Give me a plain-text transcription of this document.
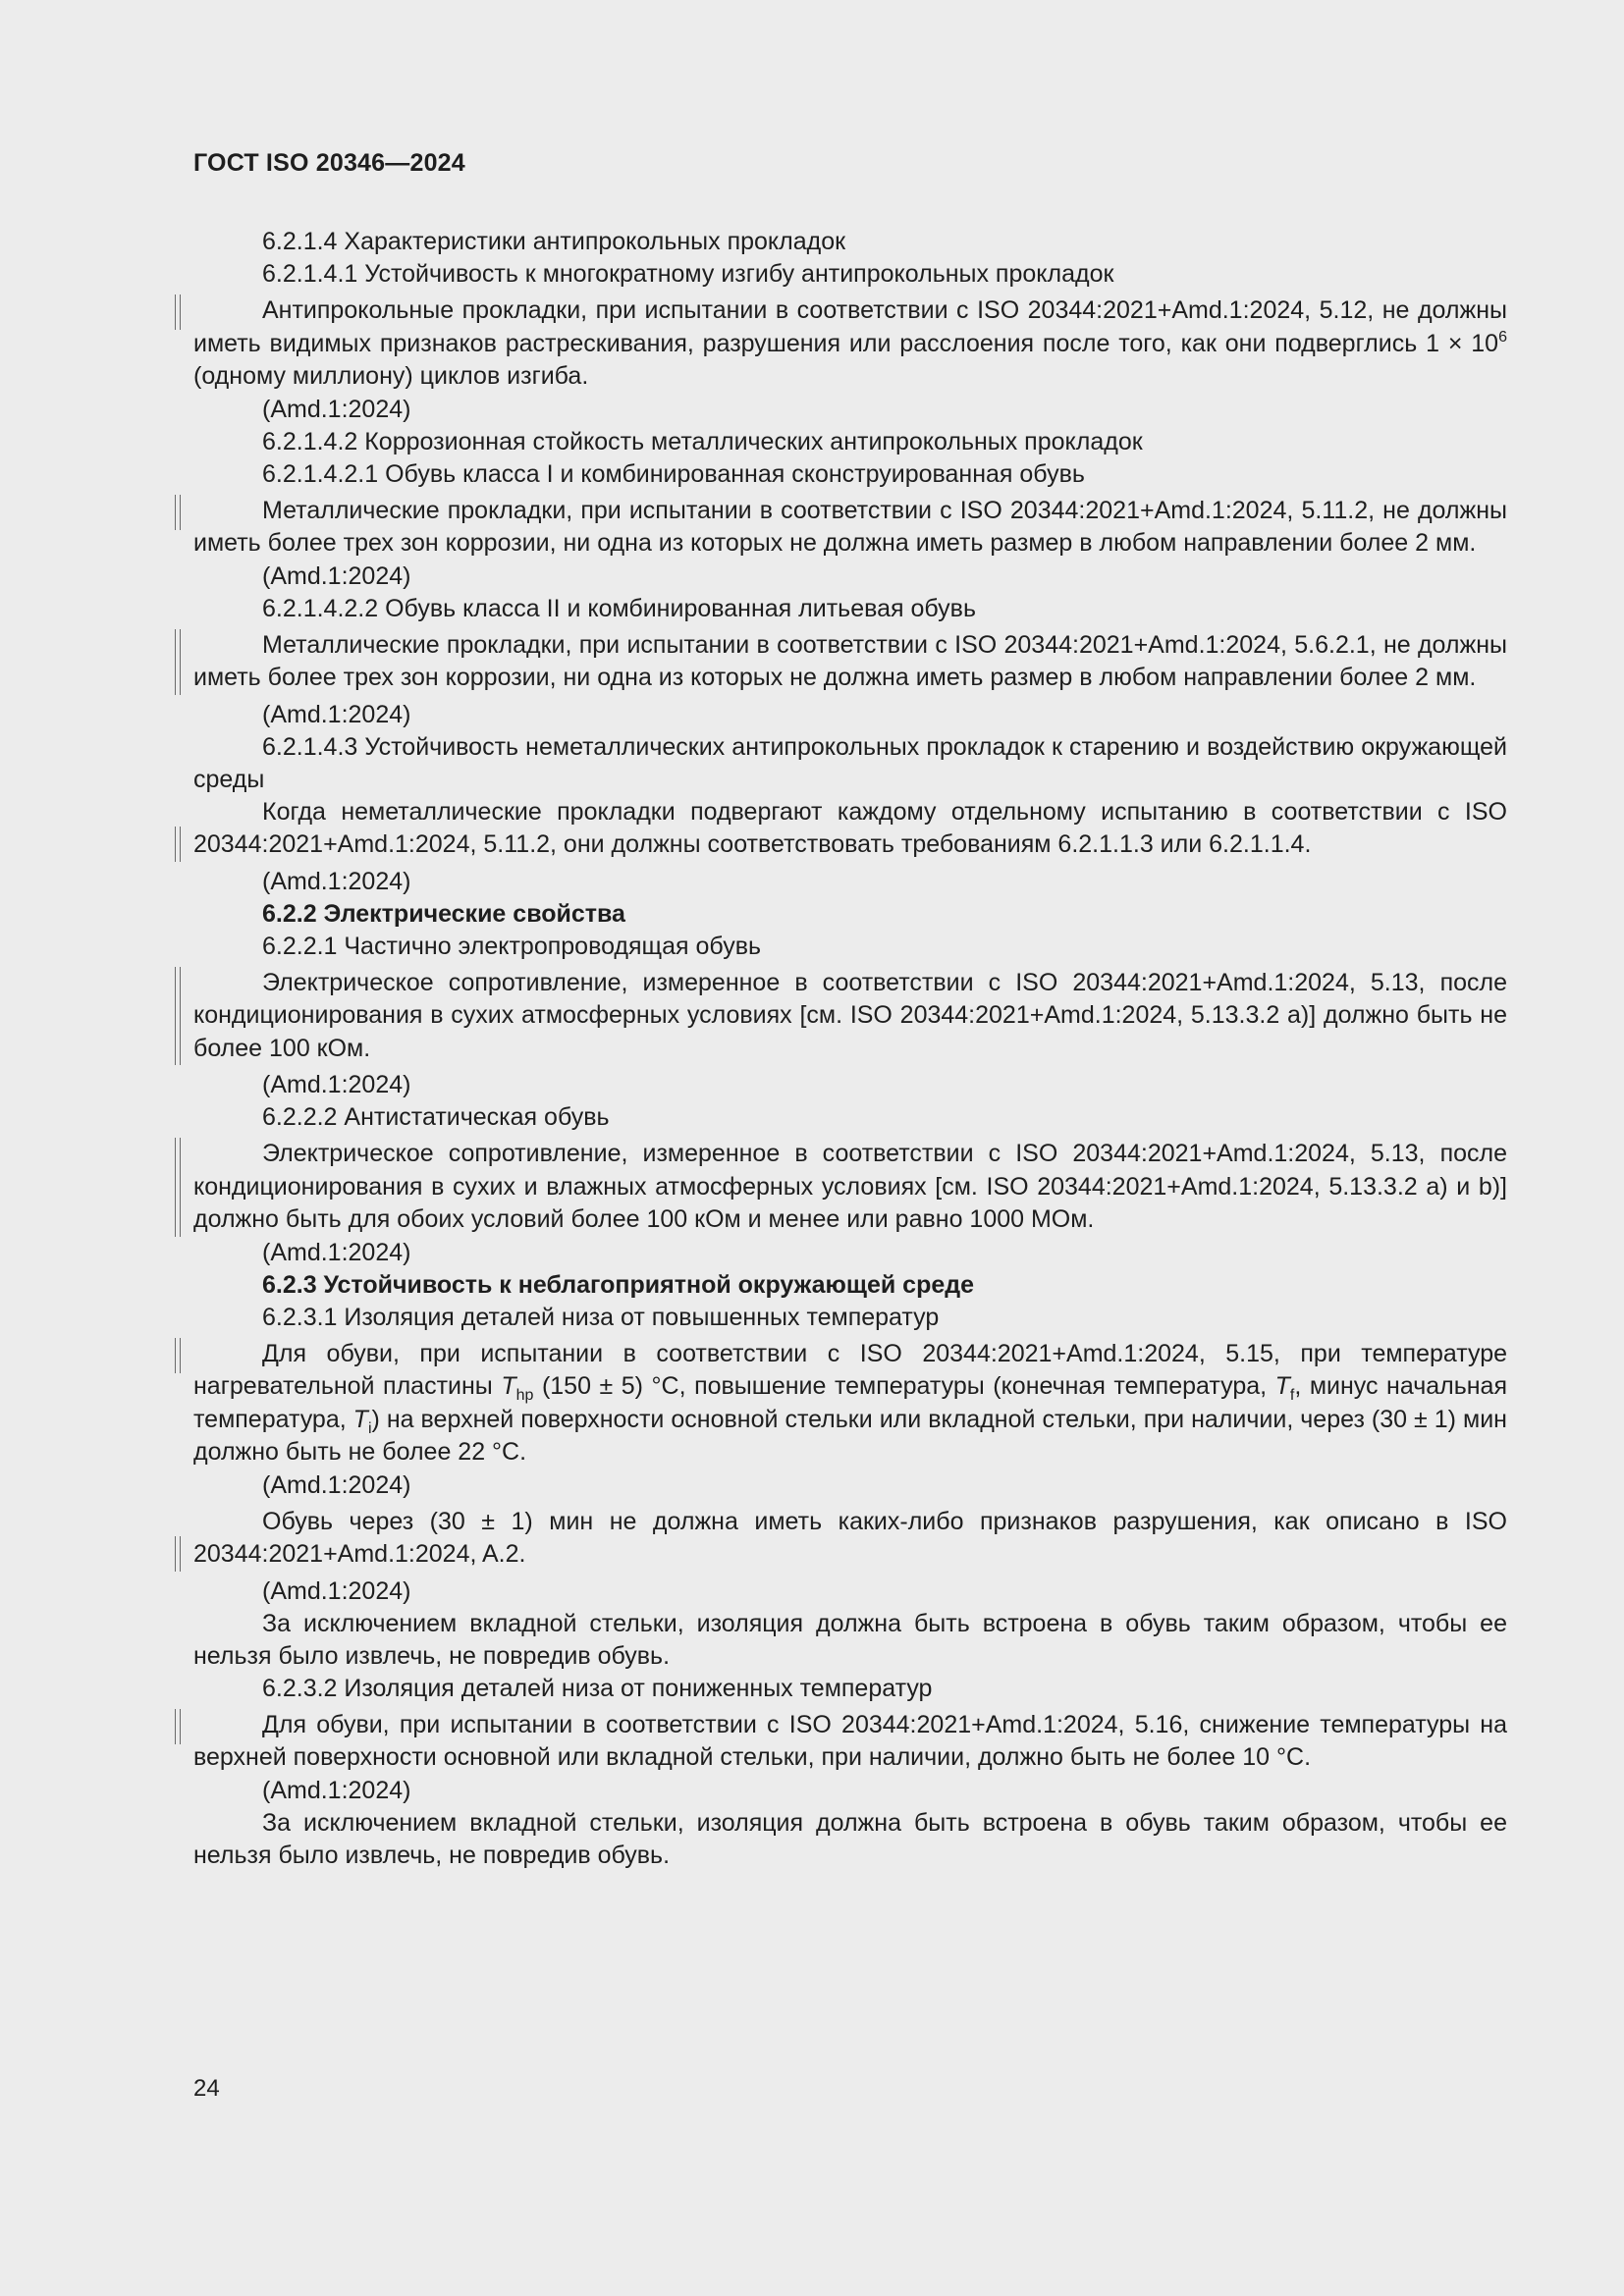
ГОСТ ISO 20346—2024

6.2.1.4 Характеристики антипрокольных прокладок

6.2.1.4.1 Устойчивость к многократному изгибу антипрокольных прокладок

Антипрокольные прокладки, при испытании в соответствии с ISO 20344:2021+Amd.1:2024, 5.12, не должны иметь видимых признаков растрескивания, разрушения или расслоения после того, как они подверглись $1 \times 10^6$ (одному миллиону) циклов изгиба.

(Amd.1:2024)

6.2.1.4.2 Коррозионная стойкость металлических антипрокольных прокладок

6.2.1.4.2.1 Обувь класса I и комбинированная сконструированная обувь

Металлические прокладки, при испытании в соответствии с ISO 20344:2021+Amd.1:2024, 5.11.2, не должны иметь более трех зон коррозии, ни одна из которых не должна иметь размер в любом направлении более 2 мм.

(Amd.1:2024)

6.2.1.4.2.2 Обувь класса II и комбинированная литьевая обувь

Металлические прокладки, при испытании в соответствии с ISO 20344:2021+Amd.1:2024, 5.6.2.1, не должны иметь более трех зон коррозии, ни одна из которых не должна иметь размер в любом направлении более 2 мм.

(Amd.1:2024)

6.2.1.4.3 Устойчивость неметаллических антипрокольных прокладок к старению и воздействию окружающей среды

Когда неметаллические прокладки подвергают каждому отдельному испытанию в соответствии с ISO 20344:2021+Amd.1:2024, 5.11.2, они должны соответствовать требованиям 6.2.1.1.3 или 6.2.1.1.4.

(Amd.1:2024)

6.2.2 Электрические свойства

6.2.2.1 Частично электропроводящая обувь

Электрическое сопротивление, измеренное в соответствии с ISO 20344:2021+Amd.1:2024, 5.13, после кондиционирования в сухих атмосферных условиях [см. ISO 20344:2021+Amd.1:2024, 5.13.3.2 a)] должно быть не более 100 кОм.

(Amd.1:2024)

6.2.2.2 Антистатическая обувь

Электрическое сопротивление, измеренное в соответствии с ISO 20344:2021+Amd.1:2024, 5.13, после кондиционирования в сухих и влажных атмосферных условиях [см. ISO 20344:2021+Amd.1:2024, 5.13.3.2 a) и b)] должно быть для обоих условий более 100 кОм и менее или равно 1000 МОм.

(Amd.1:2024)

6.2.3 Устойчивость к неблагоприятной окружающей среде

6.2.3.1 Изоляция деталей низа от повышенных температур

Для обуви, при испытании в соответствии с ISO 20344:2021+Amd.1:2024, 5.15, при температуре нагревательной пластины $T_{hp}$ (150 ± 5) °C, повышение температуры (конечная температура, $T_f$, минус начальная температура, $T_i$) на верхней поверхности основной стельки или вкладной стельки, при наличии, через (30 ± 1) мин должно быть не более 22 °C.

(Amd.1:2024)

Обувь через (30 ± 1) мин не должна иметь каких-либо признаков разрушения, как описано в ISO 20344:2021+Amd.1:2024, A.2.

(Amd.1:2024)

За исключением вкладной стельки, изоляция должна быть встроена в обувь таким образом, чтобы ее нельзя было извлечь, не повредив обувь.

6.2.3.2 Изоляция деталей низа от пониженных температур

Для обуви, при испытании в соответствии с ISO 20344:2021+Amd.1:2024, 5.16, снижение температуры на верхней поверхности основной или вкладной стельки, при наличии, должно быть не более 10 °C.

(Amd.1:2024)

За исключением вкладной стельки, изоляция должна быть встроена в обувь таким образом, чтобы ее нельзя было извлечь, не повредив обувь.

24
